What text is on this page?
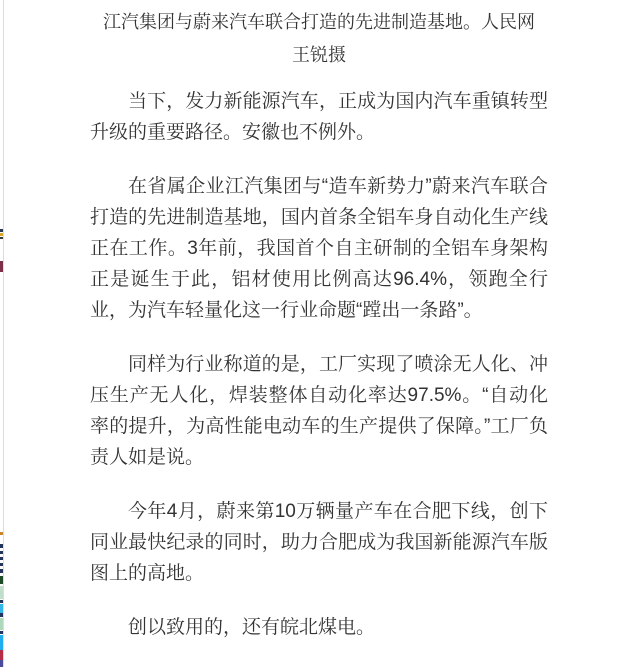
江汽集团与蔚来汽车联合打造的先进制造基地。人民网 王锐摄

当下，发力新能源汽车，正成为国内汽车重镇转型升级的重要路径。安徽也不例外。

在省属企业江汽集团与“造车新势力”蔚来汽车联合打造的先进制造基地，国内首条全铝车身自动化生产线正在工作。3年前，我国首个自主研制的全铝车身架构正是诞生于此，铝材使用比例高达96.4%，领跑全行业，为汽车轻量化这一行业命题“蹚出一条路”。

同样为行业称道的是，工厂实现了喷涂无人化、冲压生产无人化，焊装整体自动化率达97.5%。“自动化率的提升，为高性能电动车的生产提供了保障。”工厂负责人如是说。

今年4月，蔚来第10万辆量产车在合肥下线，创下同业最快纪录的同时，助力合肥成为我国新能源汽车版图上的高地。

创以致用的，还有皖北煤电。
